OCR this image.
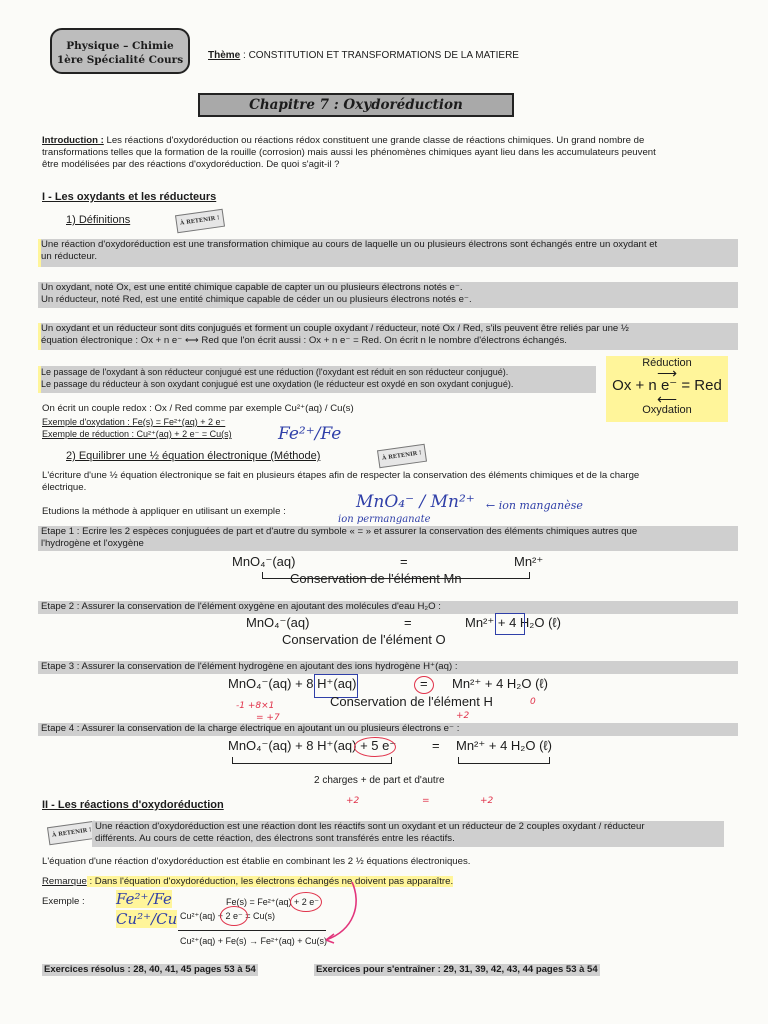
Physique – Chimie
1ère Spécialité Cours	Thème : CONSTITUTION ET TRANSFORMATIONS DE LA MATIERE
Chapitre 7 : Oxydoréduction
Introduction : Les réactions d'oxydoréduction ou réactions rédox constituent une grande classe de réactions chimiques. Un grand nombre de
transformations telles que la formation de la rouille (corrosion) mais aussi les phénomènes chimiques ayant lieu dans les accumulateurs peuvent
être modélisées par des réactions d'oxydoréduction. De quoi s'agit-il ?
I - Les oxydants et les réducteurs
1) Définitions	À RETENIR !
Une réaction d'oxydoréduction est une transformation chimique au cours de laquelle un ou plusieurs électrons sont échangés entre un oxydant et
un réducteur.
Un oxydant, noté Ox, est une entité chimique capable de capter un ou plusieurs électrons notés e⁻.
Un réducteur, noté Red, est une entité chimique capable de céder un ou plusieurs électrons notés e⁻.
Un oxydant et un réducteur sont dits conjugués et forment un couple oxydant / réducteur, noté Ox / Red, s'ils peuvent être reliés par une ½
équation électronique : Ox + n e⁻ ⟷ Red que l'on écrit aussi : Ox + n e⁻ = Red. On écrit n le nombre d'électrons échangés.
Le passage de l'oxydant à son réducteur conjugué est une réduction (l'oxydant est réduit en son réducteur conjugué).
Le passage du réducteur à son oxydant conjugué est une oxydation (le réducteur est oxydé en son oxydant conjugué).
Réduction
⟶
Ox + n e⁻ = Red
⟵
Oxydation
On écrit un couple redox : Ox / Red comme par exemple Cu²⁺(aq) / Cu(s)
Exemple d'oxydation : Fe(s) = Fe²⁺(aq) + 2 e⁻
Exemple de réduction : Cu²⁺(aq) + 2 e⁻ = Cu(s)	Fe²⁺/Fe
2) Equilibrer une ½ équation électronique (Méthode)	À RETENIR !
L'écriture d'une ½ équation électronique se fait en plusieurs étapes afin de respecter la conservation des éléments chimiques et de la charge
électrique.
Etudions la méthode à appliquer en utilisant un exemple :	MnO₄⁻ / Mn²⁺ ← ion manganèse
ion permanganate
Etape 1 : Ecrire les 2 espèces conjuguées de part et d'autre du symbole « = » et assurer la conservation des éléments chimiques autres que
l'hydrogène et l'oxygène
MnO₄⁻(aq)	=	Mn²⁺
Conservation de l'élément Mn
Etape 2 : Assurer la conservation de l'élément oxygène en ajoutant des molécules d'eau H₂O :
MnO₄⁻(aq)	=	Mn²⁺ + 4 H₂O (ℓ)
Conservation de l'élément O
Etape 3 : Assurer la conservation de l'élément hydrogène en ajoutant des ions hydrogène H⁺(aq) :
MnO₄⁻(aq) + 8 H⁺(aq)	= Mn²⁺ + 4 H₂O (ℓ)
Conservation de l'élément H
-1 +8×1
= +7	+2
0
Etape 4 : Assurer la conservation de la charge électrique en ajoutant un ou plusieurs électrons e⁻ :
MnO₄⁻(aq) + 8 H⁺(aq) + 5 e⁻	= Mn²⁺ + 4 H₂O (ℓ)
2 charges + de part et d'autre
+2	=	+2
II - Les réactions d'oxydoréduction
À RETENIR !
Une réaction d'oxydoréduction est une réaction dont les réactifs sont un oxydant et un réducteur de 2 couples oxydant / réducteur
différents. Au cours de cette réaction, des électrons sont transférés entre les réactifs.
L'équation d'une réaction d'oxydoréduction est établie en combinant les 2 ½ équations électroniques.
Remarque : Dans l'équation d'oxydoréduction, les électrons échangés ne doivent pas apparaître.
Exemple : Fe²⁺/Fe
Cu²⁺/Cu
Fe(s) = Fe²⁺(aq) + 2 e⁻
Cu²⁺(aq) + 2 e⁻ = Cu(s)
Cu²⁺(aq) + Fe(s) → Fe²⁺(aq) + Cu(s)
Exercices résolus : 28, 40, 41, 45 pages 53 à 54	Exercices pour s'entraîner : 29, 31, 39, 42, 43, 44 pages 53 à 54
